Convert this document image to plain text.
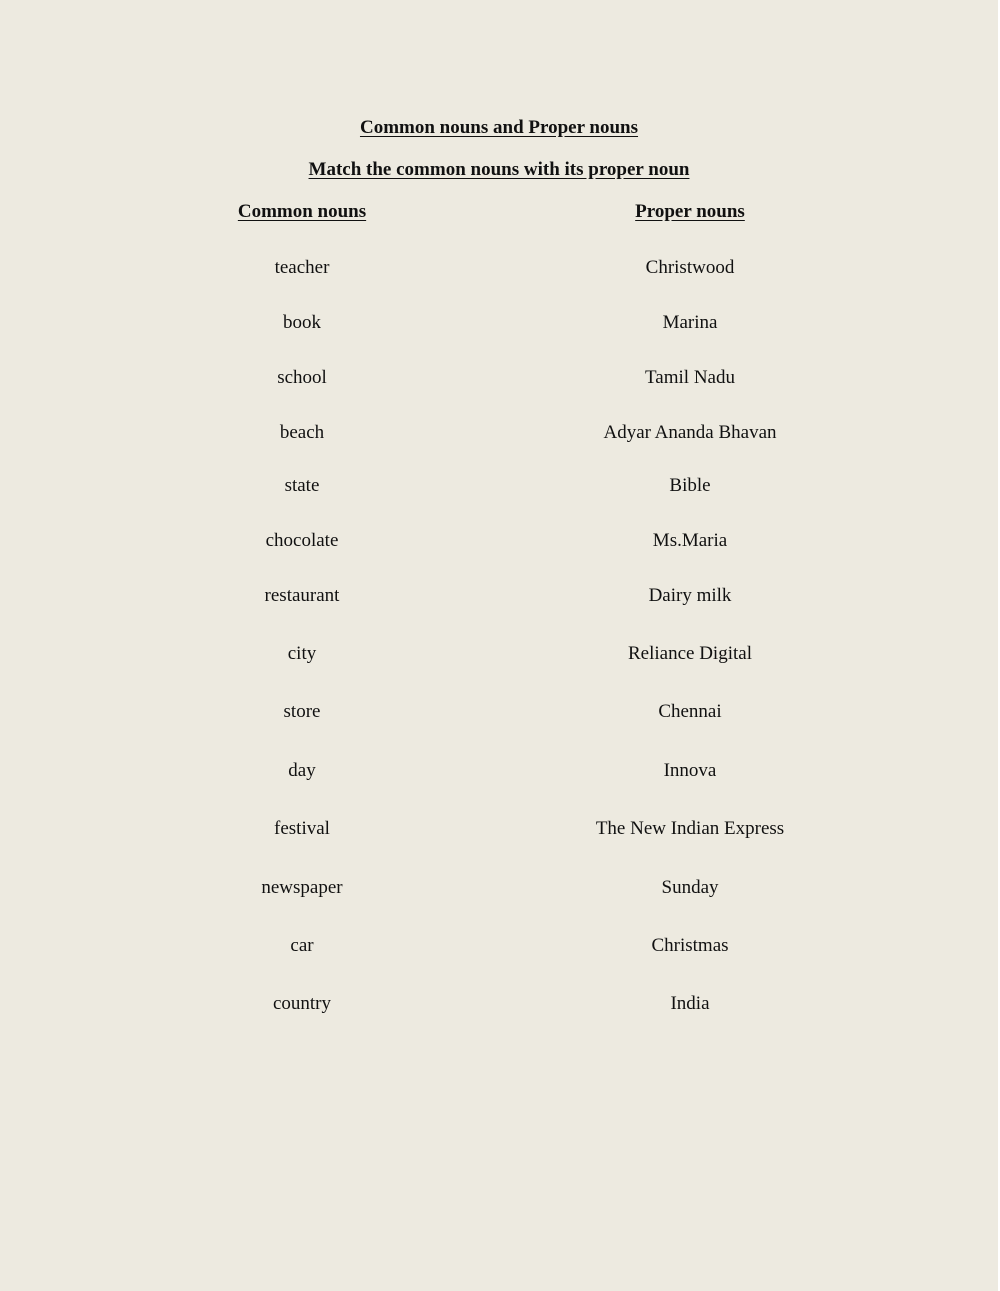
Common nouns and Proper nouns
Match the common nouns with its proper noun
Common nouns	Proper nouns
teacher
book
school
beach
state
chocolate
restaurant
city
store
day
festival
newspaper
car
country
Christwood
Marina
Tamil Nadu
Adyar Ananda Bhavan
Bible
Ms.Maria
Dairy milk
Reliance Digital
Chennai
Innova
The New Indian Express
Sunday
Christmas
India
